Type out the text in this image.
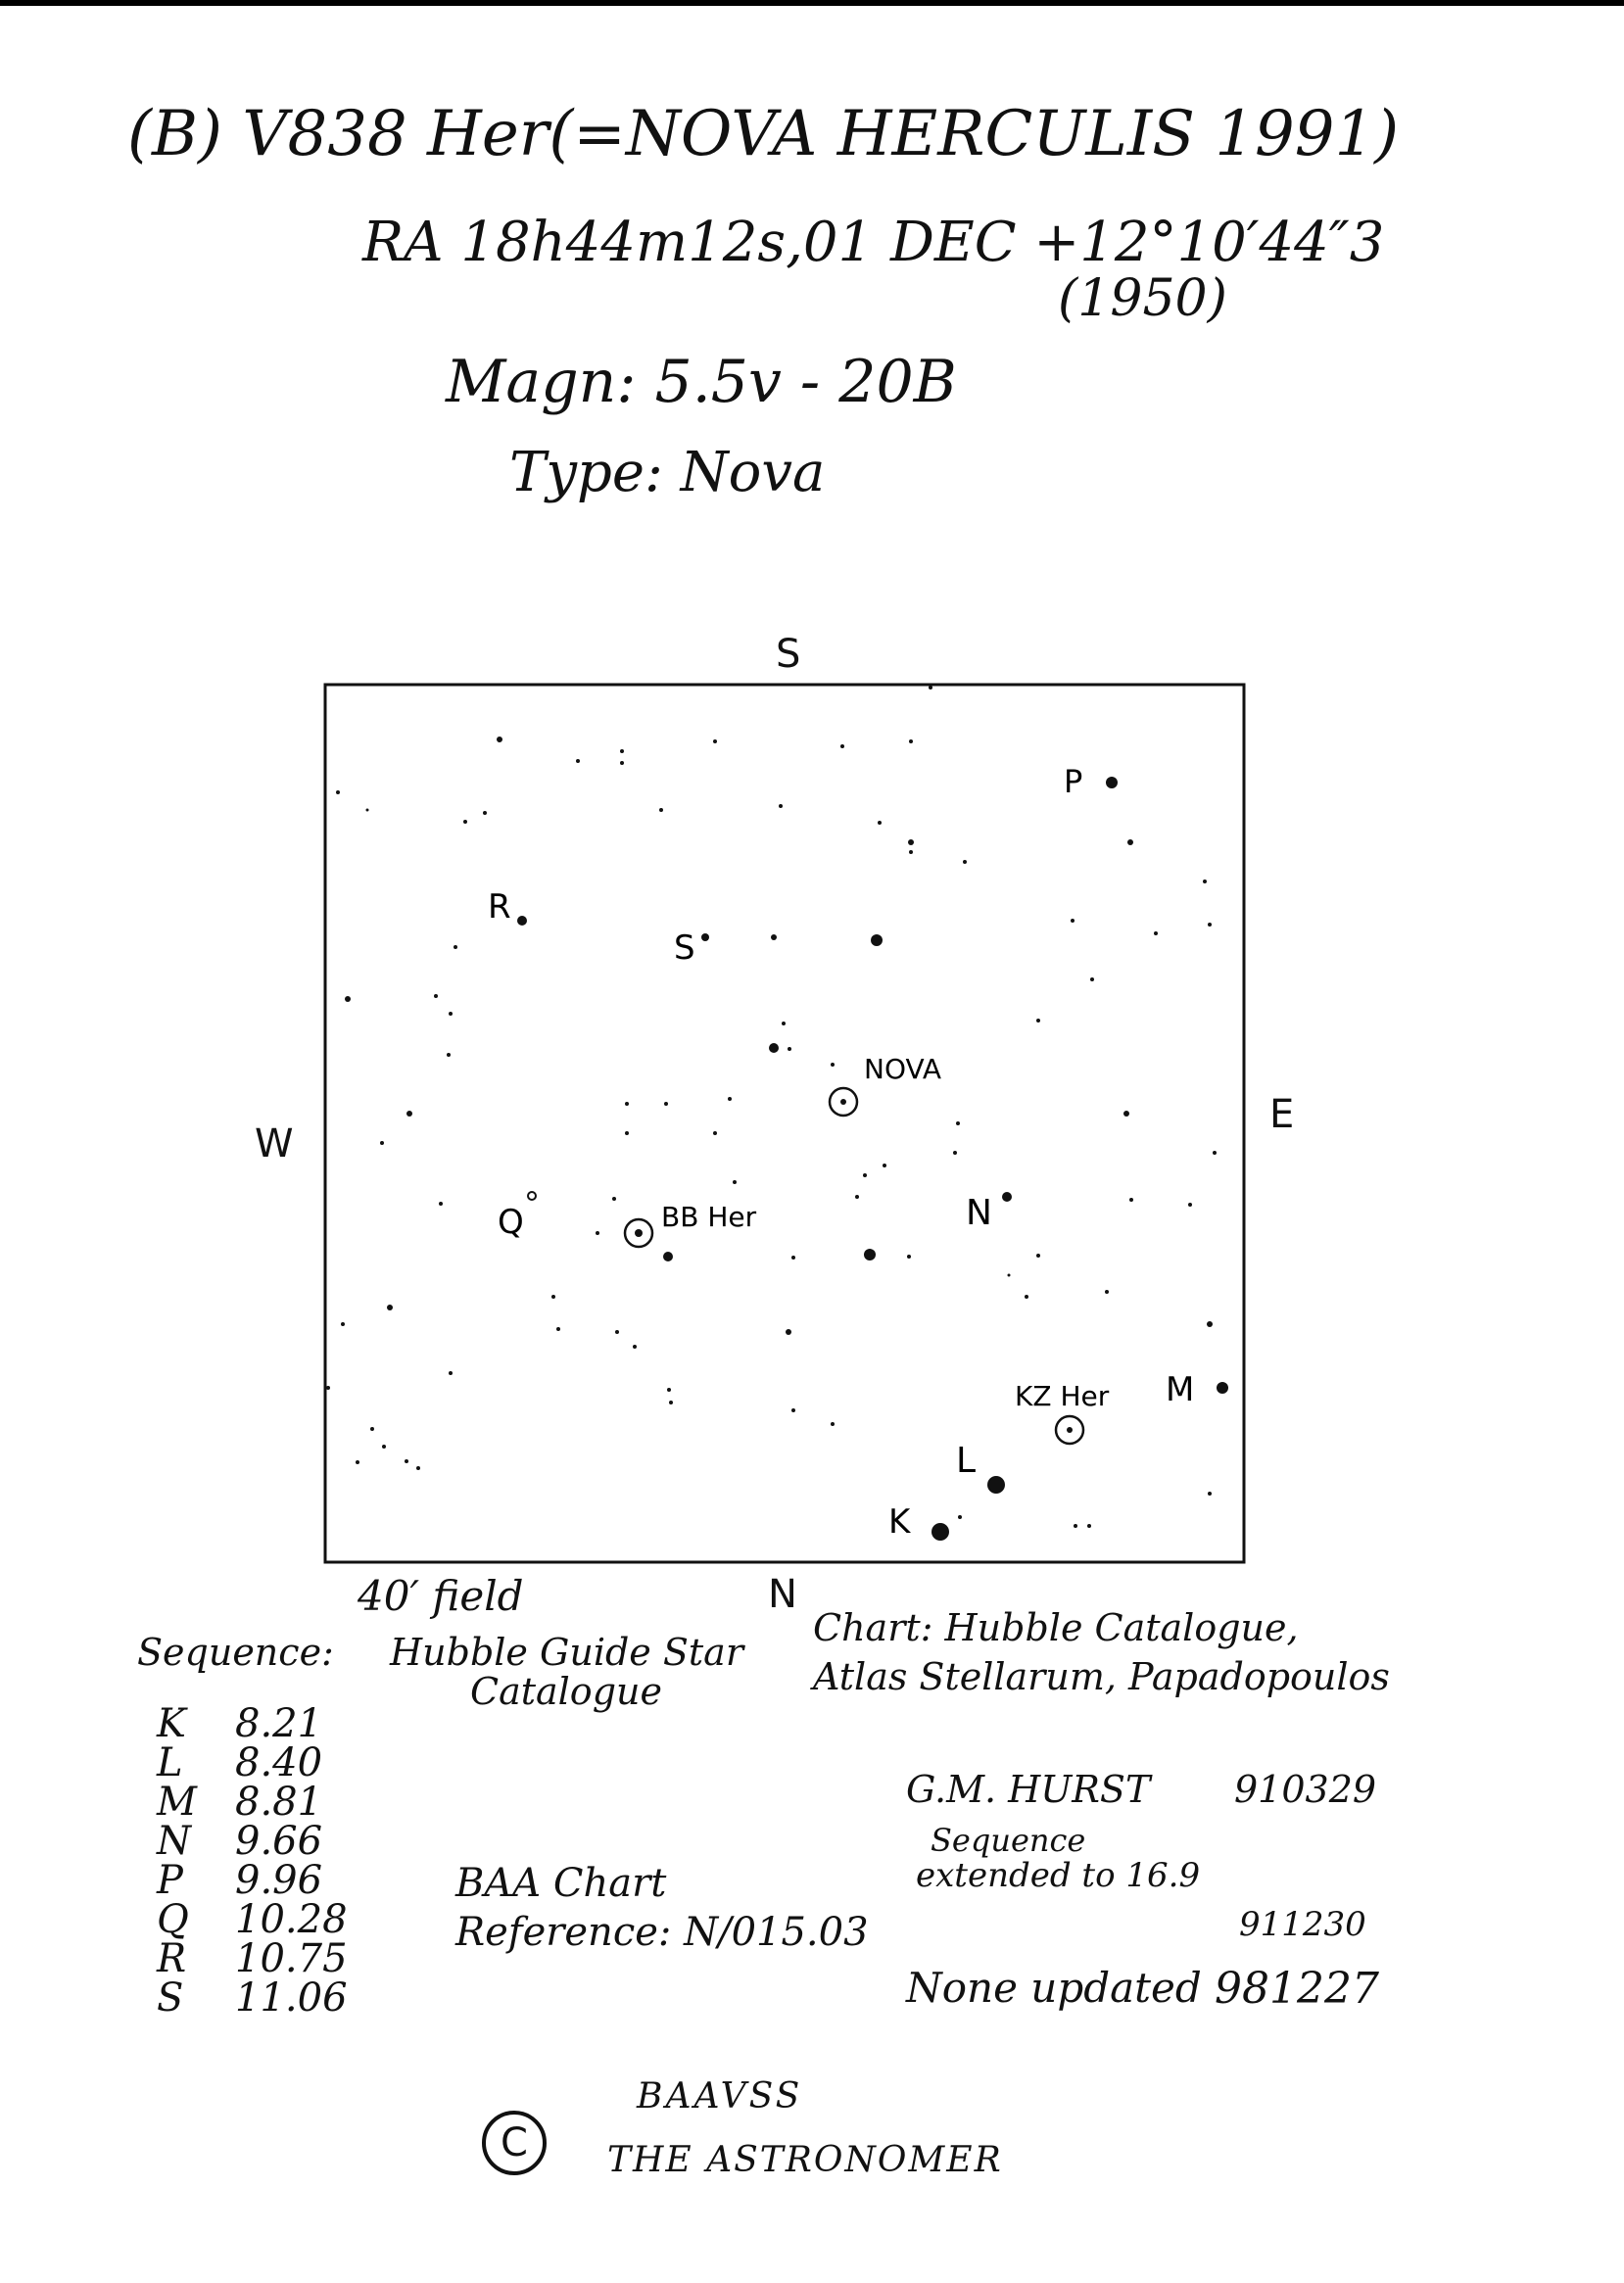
(B) V838 Her(=NOVA HERCULIS 1991)
RA 18h44m12s,01 DEC +12°10′44″3
(1950)
Magn: 5.5v - 20B
Type: Nova
S
N
W
E
NOVA
BB Her
KZ Her
P
R
S
Q	N
M
L
K
40′ field
Sequence: Hubble Guide Star
Catalogue
K 8.21
L 8.40
M 8.81
N 9.66
P 9.96
Q 10.28
R 10.75
S 11.06
Chart: Hubble Catalogue,
Atlas Stellarum, Papadopoulos
BAA Chart
Reference: N/015.03
G.M. HURST 910329
Sequence
extended to 16.9
911230
None updated 981227
C
BAAVSS
THE ASTRONOMER
